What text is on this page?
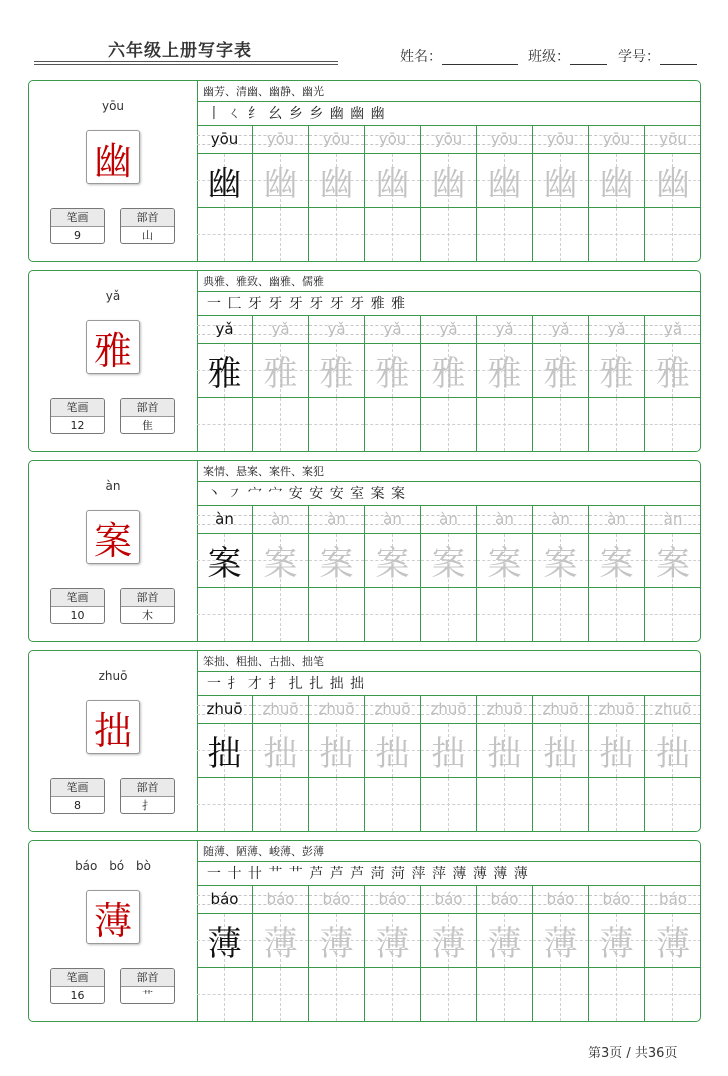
六年级上册写字表	姓名：	班级：	学号：
yōu
幽
笔画
9
部首
山
幽芳、清幽、幽静、幽光
丨 ㄑ 纟 幺 乡 乡 幽 幽 幽
yōu
幽
yōu
幽
yōu
幽
yōu
幽
yōu
幽
yōu
幽
yōu
幽
yōu
幽
yōu
幽
yǎ
雅
笔画
12
部首
隹
典雅、雅致、幽雅、儒雅
一 匚 牙 牙 牙 牙 牙 牙 雅 雅
yǎ
雅
yǎ
雅
yǎ
雅
yǎ
雅
yǎ
雅
yǎ
雅
yǎ
雅
yǎ
雅
yǎ
雅
àn
案
笔画
10
部首
木
案情、悬案、案件、案犯
丶 ㇇ 宀 宀 安 安 安 室 案 案
àn
案
àn
案
àn
案
àn
案
àn
案
àn
案
àn
案
àn
案
àn
案
zhuō
拙
笔画
8
部首
扌
笨拙、粗拙、古拙、拙笔
一 扌 才 扌 扎 扎 拙 拙
zhuō
拙
zhuō
拙
zhuō
拙
zhuō
拙
zhuō
拙
zhuō
拙
zhuō
拙
zhuō
拙
zhuō
拙
báo bó bò
薄
笔画
16
部首
艹
随薄、陋薄、峻薄、彭薄
一 十 卄 艹 艹 芦 芦 芦 菏 菏 萍 萍 薄 薄 薄 薄
báo
薄
báo
薄
báo
薄
báo
薄
báo
薄
báo
薄
báo
薄
báo
薄
báo
薄
第3页 / 共36页
